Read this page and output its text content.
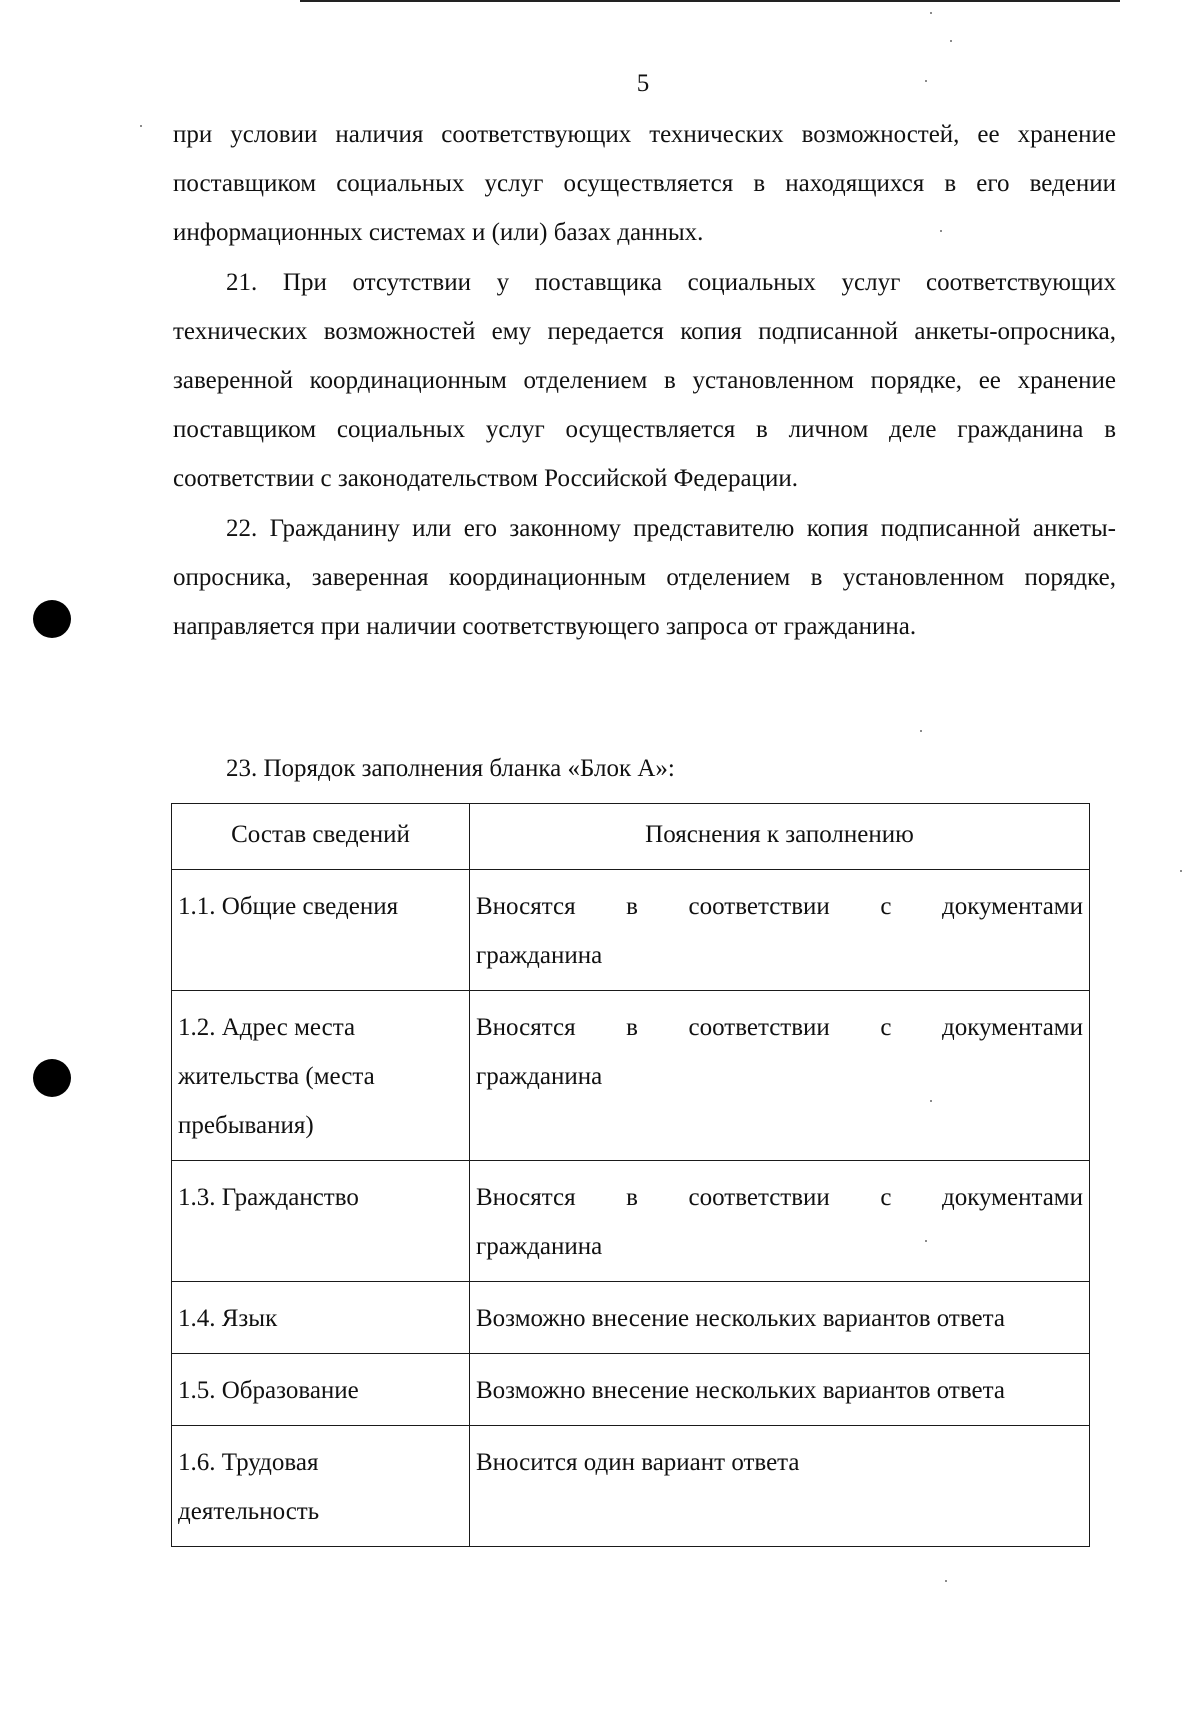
5

при условии наличия соответствующих технических возможностей, ее хранение поставщиком социальных услуг осуществляется в находящихся в его ведении информационных системах и (или) базах данных.

21. При отсутствии у поставщика социальных услуг соответствующих технических возможностей ему передается копия подписанной анкеты-опросника, заверенной координационным отделением в установленном порядке, ее хранение поставщиком социальных услуг осуществляется в личном деле гражданина в соответствии с законодательством Российской Федерации.

22. Гражданину или его законному представителю копия подписанной анкеты-опросника, заверенная координационным отделением в установленном порядке, направляется при наличии соответствующего запроса от гражданина.

23. Порядок заполнения бланка «Блок А»:

Состав сведений	Пояснения к заполнению
1.1. Общие сведения	Вносятся в соответствии с документами
гражданина

1.2. Адрес места жительства (места пребывания)	Вносятся в соответствии с документами
гражданина

1.3. Гражданство	Вносятся в соответствии с документами
гражданина

1.4. Язык	Возможно внесение нескольких вариантов ответа

1.5. Образование	Возможно внесение нескольких вариантов ответа

1.6. Трудовая деятельность	Вносится один вариант ответа
